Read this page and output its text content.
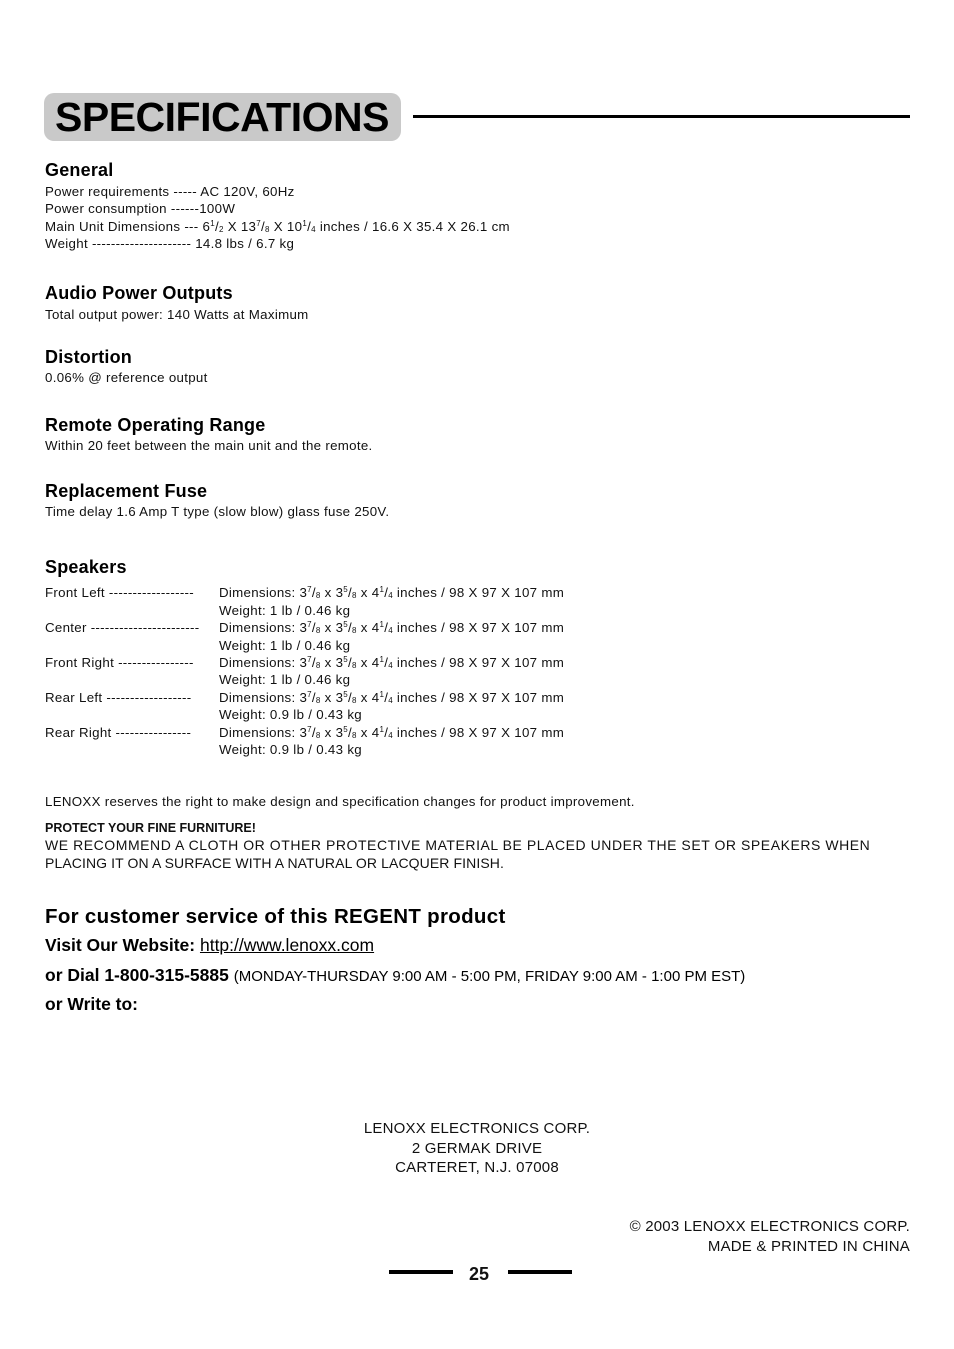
SPECIFICATIONS
General
Power requirements ----- AC 120V, 60Hz
Power consumption ------100W
Main Unit Dimensions --- $6^1/_2$ X $13^7/_8$ X $10^1/_4$ inches / 16.6 X 35.4 X 26.1 cm
Weight --------------------- 14.8 lbs / 6.7 kg
Audio Power Outputs
Total output power: 140 Watts at Maximum
Distortion
0.06% @ reference output
Remote Operating Range
Within 20 feet between the main unit and the remote.
Replacement Fuse
Time delay 1.6 Amp T type (slow blow) glass fuse 250V.
Speakers
Front Left ------------------ Dimensions: $3^7/_8$ x $3^5/_8$ x $4^1/_4$ inches / 98 X 97 X 107 mm
Weight: 1 lb / 0.46 kg
Center ----------------------- Dimensions: $3^7/_8$ x $3^5/_8$ x $4^1/_4$ inches / 98 X 97 X 107 mm
Weight: 1 lb / 0.46 kg
Front Right ---------------- Dimensions: $3^7/_8$ x $3^5/_8$ x $4^1/_4$ inches / 98 X 97 X 107 mm
Weight: 1 lb / 0.46 kg
Rear Left ------------------ Dimensions: $3^7/_8$ x $3^5/_8$ x $4^1/_4$ inches / 98 X 97 X 107 mm
Weight: 0.9 lb / 0.43 kg
Rear Right ---------------- Dimensions: $3^7/_8$ x $3^5/_8$ x $4^1/_4$ inches / 98 X 97 X 107 mm
Weight: 0.9 lb / 0.43 kg
LENOXX reserves the right to make design and specification changes for product improvement.
PROTECT YOUR FINE FURNITURE!
WE RECOMMEND A CLOTH OR OTHER PROTECTIVE MATERIAL BE PLACED UNDER THE SET OR SPEAKERS WHEN
PLACING IT ON A SURFACE WITH A NATURAL OR LACQUER FINISH.
For customer service of this REGENT product
Visit Our Website: http://www.lenoxx.com
or Dial 1-800-315-5885 (MONDAY-THURSDAY 9:00 AM - 5:00 PM, FRIDAY 9:00 AM - 1:00 PM EST)
or Write to:
LENOXX ELECTRONICS CORP.
2 GERMAK DRIVE
CARTERET, N.J. 07008
© 2003 LENOXX ELECTRONICS CORP.
MADE & PRINTED IN CHINA
25
